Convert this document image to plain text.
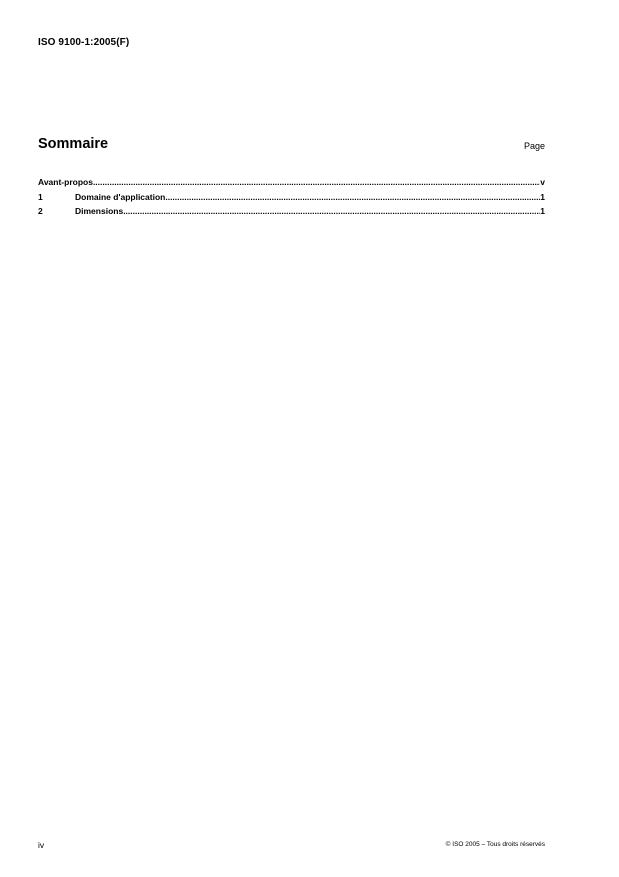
ISO 9100-1:2005(F)
Sommaire	Page
Avant-propos .....	v
1	Domaine d'application .....	1
2	Dimensions .....	1
iv	© ISO 2005 – Tous droits réservés
